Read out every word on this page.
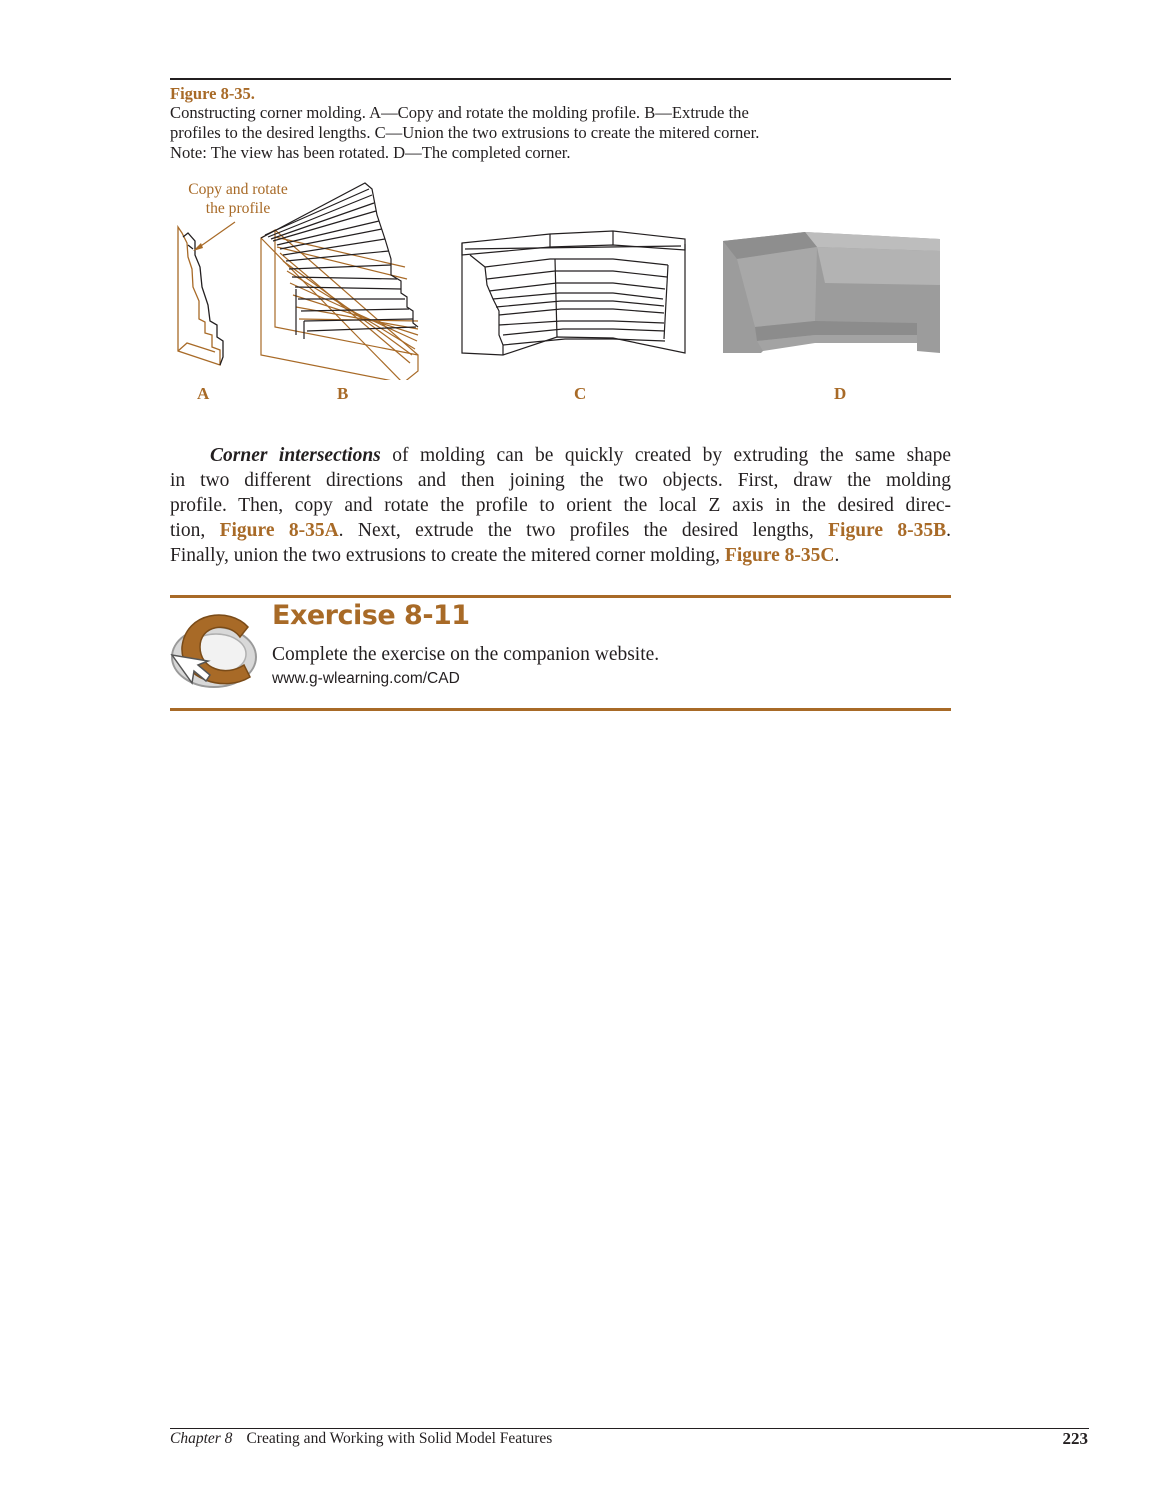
Figure 8-35.
Constructing corner molding. A—Copy and rotate the molding profile. B—Extrude the
profiles to the desired lengths. C—Union the two extrusions to create the mitered corner.
Note: The view has been rotated. D—The completed corner.
Copy and rotate
the profile
A	B	C	D
Corner intersections of molding can be quickly created by extruding the same shape
in two different directions and then joining the two objects. First, draw the molding
profile. Then, copy and rotate the profile to orient the local Z axis in the desired direc-
tion, Figure 8-35A. Next, extrude the two profiles the desired lengths, Figure 8-35B.
Finally, union the two extrusions to create the mitered corner molding, Figure 8-35C.
Exercise 8-11
Complete the exercise on the companion website.
www.g-wlearning.com/CAD
Chapter 8 Creating and Working with Solid Model Features	223
